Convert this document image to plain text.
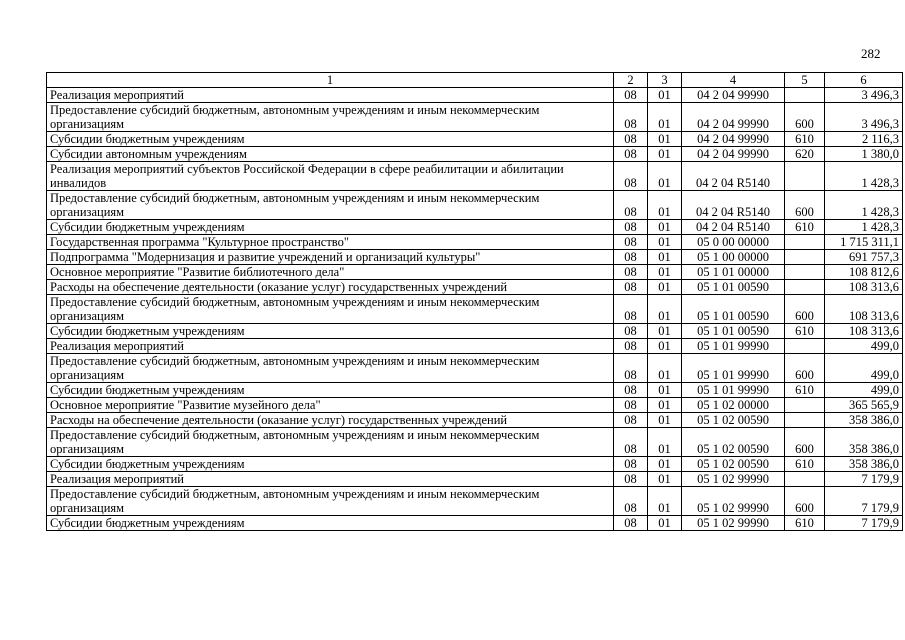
282
1	2	3	4	5	6
Реализация мероприятий	08	01	04 2 04 99990		3 496,3
Предоставление субсидий бюджетным, автономным учреждениям и иным некоммерческим организациям	08	01	04 2 04 99990	600	3 496,3
Субсидии бюджетным учреждениям	08	01	04 2 04 99990	610	2 116,3
Субсидии автономным учреждениям	08	01	04 2 04 99990	620	1 380,0
Реализация мероприятий субъектов Российской Федерации в сфере реабилитации и абилитации инвалидов	08	01	04 2 04 R5140		1 428,3
Предоставление субсидий бюджетным, автономным учреждениям и иным некоммерческим организациям	08	01	04 2 04 R5140	600	1 428,3
Субсидии бюджетным учреждениям	08	01	04 2 04 R5140	610	1 428,3
Государственная программа "Культурное пространство"	08	01	05 0 00 00000		1 715 311,1
Подпрограмма "Модернизация и развитие учреждений и организаций культуры"	08	01	05 1 00 00000		691 757,3
Основное мероприятие "Развитие библиотечного дела"	08	01	05 1 01 00000		108 812,6
Расходы на обеспечение деятельности (оказание услуг) государственных учреждений	08	01	05 1 01 00590		108 313,6
Предоставление субсидий бюджетным, автономным учреждениям и иным некоммерческим организациям	08	01	05 1 01 00590	600	108 313,6
Субсидии бюджетным учреждениям	08	01	05 1 01 00590	610	108 313,6
Реализация мероприятий	08	01	05 1 01 99990		499,0
Предоставление субсидий бюджетным, автономным учреждениям и иным некоммерческим организациям	08	01	05 1 01 99990	600	499,0
Субсидии бюджетным учреждениям	08	01	05 1 01 99990	610	499,0
Основное мероприятие "Развитие музейного дела"	08	01	05 1 02 00000		365 565,9
Расходы на обеспечение деятельности (оказание услуг) государственных учреждений	08	01	05 1 02 00590		358 386,0
Предоставление субсидий бюджетным, автономным учреждениям и иным некоммерческим организациям	08	01	05 1 02 00590	600	358 386,0
Субсидии бюджетным учреждениям	08	01	05 1 02 00590	610	358 386,0
Реализация мероприятий	08	01	05 1 02 99990		7 179,9
Предоставление субсидий бюджетным, автономным учреждениям и иным некоммерческим организациям	08	01	05 1 02 99990	600	7 179,9
Субсидии бюджетным учреждениям	08	01	05 1 02 99990	610	7 179,9
